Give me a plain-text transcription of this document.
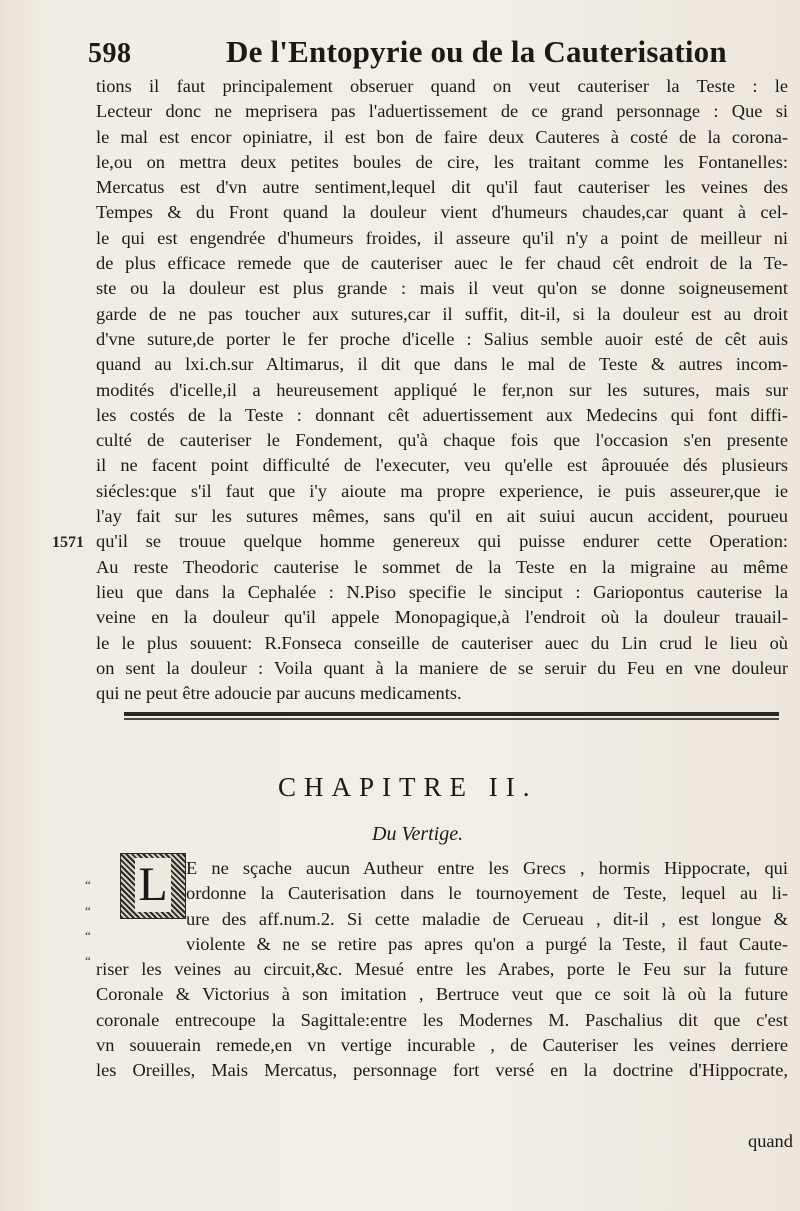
598	De l'Entopyrie ou de la Cauterisation
tions il faut principalement obseruer quand on veut cauteriser la Teste : le
Lecteur donc ne meprisera pas l'aduertissement de ce grand personnage : Que si
le mal est encor opiniatre, il est bon de faire deux Cauteres à costé de la corona-
le,ou on mettra deux petites boules de cire, les traitant comme les Fontanelles:
Mercatus est d'vn autre sentiment,lequel dit qu'il faut cauteriser les veines des
Tempes & du Front quand la douleur vient d'humeurs chaudes,car quant à cel-
le qui est engendrée d'humeurs froides, il asseure qu'il n'y a point de meilleur ni
de plus efficace remede que de cauteriser auec le fer chaud cêt endroit de la Te-
ste ou la douleur est plus grande : mais il veut qu'on se donne soigneusement
garde de ne pas toucher aux sutures,car il suffit, dit-il, si la douleur est au droit
d'vne suture,de porter le fer proche d'icelle : Salius semble auoir esté de cêt auis
quand au lxi.ch.sur Altimarus, il dit que dans le mal de Teste & autres incom-
modités d'icelle,il a heureusement appliqué le fer,non sur les sutures, mais sur
les costés de la Teste : donnant cêt aduertissement aux Medecins qui font diffi-
culté de cauteriser le Fondement, qu'à chaque fois que l'occasion s'en presente
il ne facent point difficulté de l'executer, veu qu'elle est âprouuée dés plusieurs
siécles:que s'il faut que i'y aioute ma propre experience, ie puis asseurer,que ie
l'ay fait sur les sutures mêmes, sans qu'il en ait suiui aucun accident, pourueu
qu'il se trouue quelque homme genereux qui puisse endurer cette Operation:
Au reste Theodoric cauterise le sommet de la Teste en la migraine au même
lieu que dans la Cephalée : N.Piso specifie le sinciput : Gariopontus cauterise la
veine en la douleur qu'il appele Monopagique,à l'endroit où la douleur trauail-
le le plus souuent: R.Fonseca conseille de cauteriser auec du Lin crud le lieu où
on sent la douleur : Voila quant à la maniere de se seruir du Feu en vne douleur
qui ne peut être adoucie par aucuns medicaments.
1571
CHAPITRE II.
Du Vertige.
L
“
“
“
“
E ne sçache aucun Autheur entre les Grecs , hormis Hippocrate, qui
ordonne la Cauterisation dans le tournoyement de Teste, lequel au li-
ure des aff.num.2. Si cette maladie de Cerueau , dit-il , est longue &
violente & ne se retire pas apres qu'on a purgé la Teste, il faut Caute-
riser les veines au circuit,&c. Mesué entre les Arabes, porte le Feu sur la future
Coronale & Victorius à son imitation , Bertruce veut que ce soit là où la future
coronale entrecoupe la Sagittale:entre les Modernes M. Paschalius dit que c'est
vn souuerain remede,en vn vertige incurable , de Cauteriser les veines derriere
les Oreilles, Mais Mercatus, personnage fort versé en la doctrine d'Hippocrate,
quand
